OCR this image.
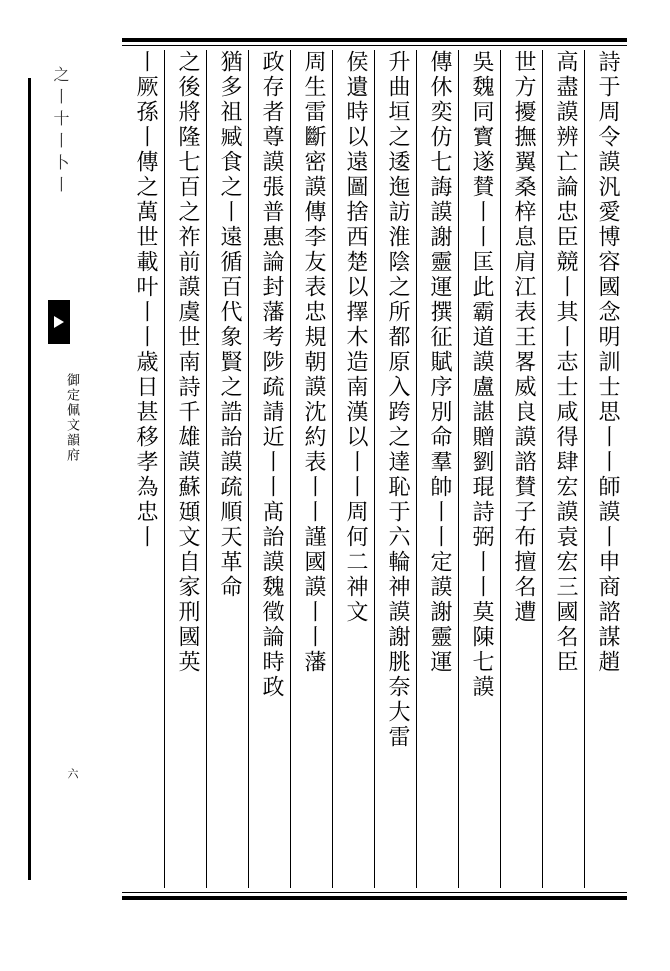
之丨十丨卜丨
御定佩文韻府
六
詩于周令謨汎愛博容國念明訓士思丨丨師謨丨申商諮謀趙
高盡謨辨亡論忠臣競丨其丨志士咸得肆宏謨袁宏三國名臣
世方擾撫翼桑梓息肩江表王畧威良謨諮賛子布擅名遭
吳魏同寳遂賛丨丨匡此霸道謨盧諶贈劉琨詩弼丨丨莫陳七謨
傳休奕仿七誨謨謝靈運撰征賦序別命羣帥丨丨定謨謝靈運
升曲垣之逶迤訪淮陰之所都原入跨之達恥于六輪神謨謝朓奈大雷
侯遺時以遠圖捨西楚以擇木造南漢以丨丨周何二神文
周生雷斷密謨傳李友表忠規朝謨沈約表丨丨謹國謨丨丨藩
政存者尊謨張普惠論封藩考陟疏請近丨丨髙詒謨魏徵論時政
猶多祖臧食之丨遠循百代象賢之誥詒謨疏順天革命
之後將隆七百之祚前謨虞世南詩千雄謨蘇頲文自家刑國英
丨厥孫丨傳之萬世載叶丨丨歳日甚移孝為忠丨
